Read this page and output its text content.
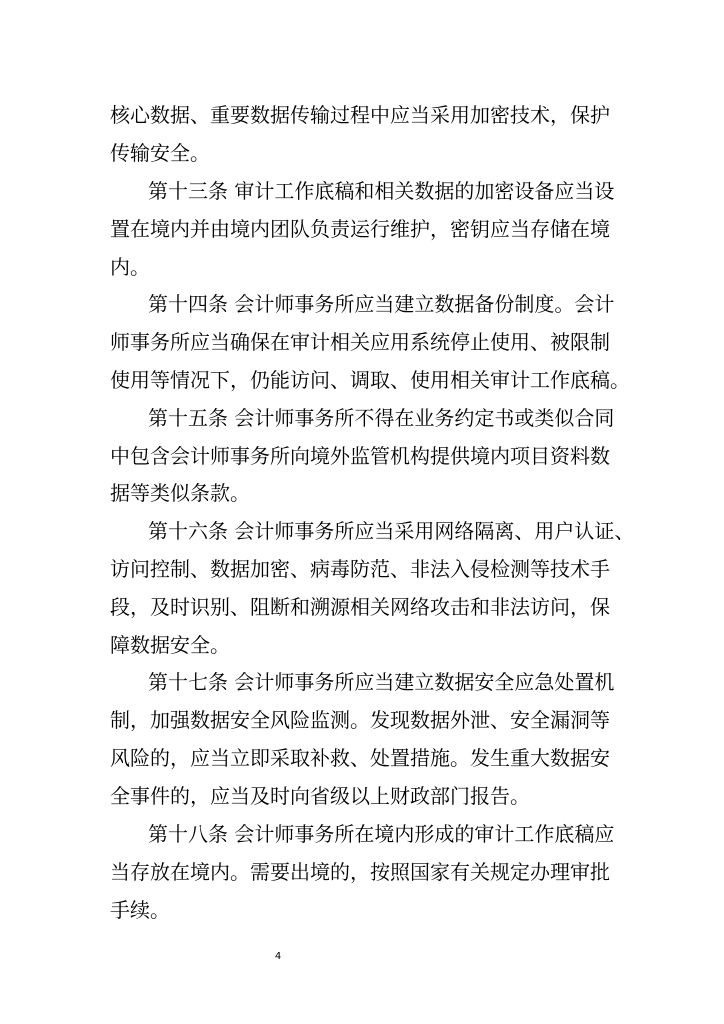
核心数据、重要数据传输过程中应当采用加密技术，保护
传输安全。
第十三条 审计工作底稿和相关数据的加密设备应当设
置在境内并由境内团队负责运行维护，密钥应当存储在境
内。
第十四条 会计师事务所应当建立数据备份制度。会计
师事务所应当确保在审计相关应用系统停止使用、被限制
使用等情况下，仍能访问、调取、使用相关审计工作底稿。
第十五条 会计师事务所不得在业务约定书或类似合同
中包含会计师事务所向境外监管机构提供境内项目资料数
据等类似条款。
第十六条 会计师事务所应当采用网络隔离、用户认证、
访问控制、数据加密、病毒防范、非法入侵检测等技术手
段，及时识别、阻断和溯源相关网络攻击和非法访问，保
障数据安全。
第十七条 会计师事务所应当建立数据安全应急处置机
制，加强数据安全风险监测。发现数据外泄、安全漏洞等
风险的，应当立即采取补救、处置措施。发生重大数据安
全事件的，应当及时向省级以上财政部门报告。
第十八条 会计师事务所在境内形成的审计工作底稿应
当存放在境内。需要出境的，按照国家有关规定办理审批
手续。
4
